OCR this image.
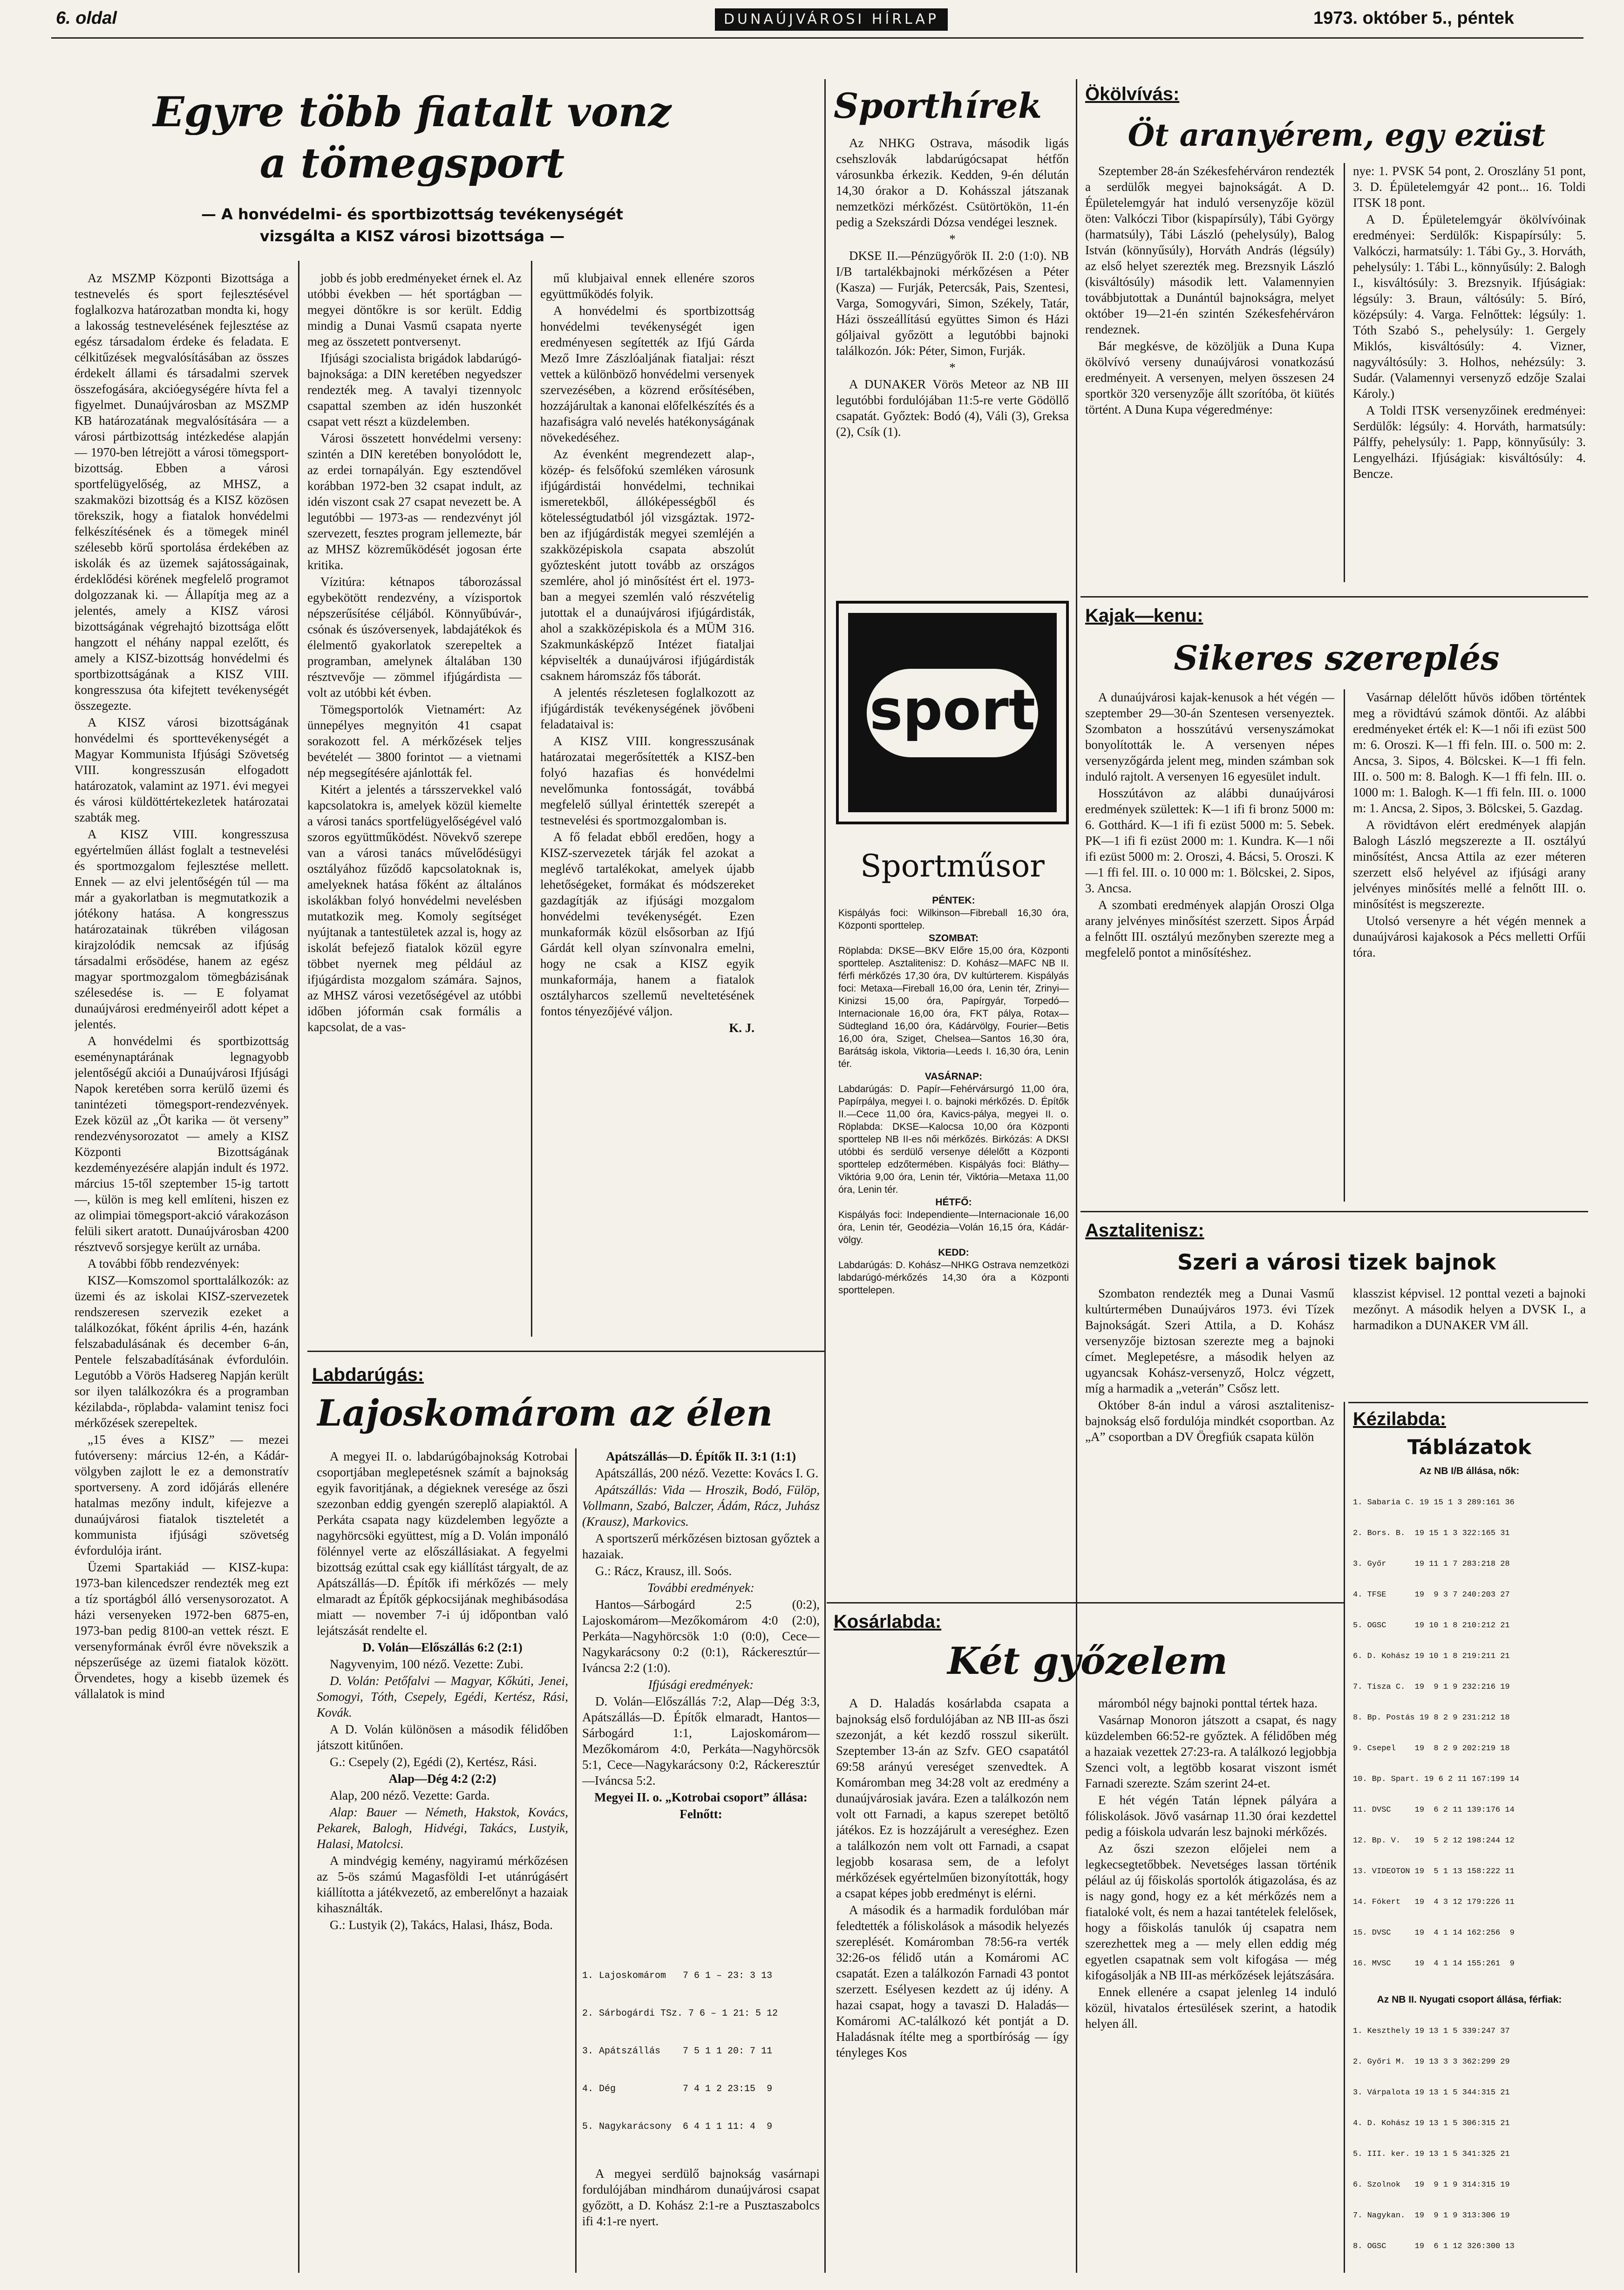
6. oldal	DUNAÚJVÁROSI HÍRLAP	1973. október 5., péntek
Egyre több fiatalt vonz
a tömegsport
— A honvédelmi- és sportbizottság tevékenységét
vizsgálta a KISZ városi bizottsága —

Az MSZMP Központi Bizottsága a testnevelés és sport fejlesztésével foglalkozva határozatban mondta ki, hogy a lakosság testnevelésének fejlesztése az egész társadalom érdeke és feladata. E célkitűzések megvalósításában az összes érdekelt állami és társadalmi szervek összefogására, akcióegységére hívta fel a figyelmet. Dunaújvárosban az MSZMP KB határozatának megvalósítására — a városi pártbizottság intézkedése alapján — 1970-ben létrejött a városi tömegsport-bizottság. Ebben a városi sportfelügyelőség, az MHSZ, a szakmaközi bizottság és a KISZ közösen törekszik, hogy a fiatalok honvédelmi felkészítésének és a tömegek minél szélesebb körű sportolása érdekében az iskolák és az üzemek sajátosságainak, érdeklődési körének megfelelő programot dolgozzanak ki. — Állapítja meg az a jelentés, amely a KISZ városi bizottságának végrehajtó bizottsága előtt hangzott el néhány nappal ezelőtt, és amely a KISZ-bizottság honvédelmi és sportbizottságának a KISZ VIII. kongresszusa óta kifejtett tevékenységét összegezte.

A KISZ városi bizottságának honvédelmi és sporttevékenységét a Magyar Kommunista Ifjúsági Szövetség VIII. kongresszusán elfogadott határozatok, valamint az 1971. évi megyei és városi küldöttértekezletek határozatai szabták meg.

A KISZ VIII. kongresszusa egyértelműen állást foglalt a testnevelési és sportmozgalom fejlesztése mellett. Ennek — az elvi jelentőségén túl — ma már a gyakorlatban is megmutatkozik a jótékony hatása. A kongresszus határozatainak tükrében világosan kirajzolódik nemcsak az ifjúság társadalmi erősödése, hanem az egész magyar sportmozgalom tömegbázisának szélesedése is. — E folyamat dunaújvárosi eredményeiről adott képet a jelentés.

A honvédelmi és sportbizottság eseménynaptárának legnagyobb jelentőségű akciói a Dunaújvárosi Ifjúsági Napok keretében sorra kerülő üzemi és tanintézeti tömegsport-rendezvények. Ezek közül az „Öt karika — öt verseny” rendezvénysorozatot — amely a KISZ Központi Bizottságának kezdeményezésére alapján indult és 1972. március 15-től szeptember 15-ig tartott —, külön is meg kell említeni, hiszen ez az olimpiai tömegsport-akció várakozáson felüli sikert aratott. Dunaújvárosban 4200 résztvevő sorsjegye került az urnába.

A további főbb rendezvények:

KISZ—Komszomol sporttalálkozók: az üzemi és az iskolai KISZ-szervezetek rendszeresen szervezik ezeket a találkozókat, főként április 4-én, hazánk felszabadulásának és december 6-án, Pentele felszabadításának évfordulóin. Legutóbb a Vörös Hadsereg Napján került sor ilyen találkozókra és a programban kézilabda-, röplabda- valamint tenisz foci mérkőzések szerepeltek.

„15 éves a KISZ” — mezei futóverseny: március 12-én, a Kádár-völgyben zajlott le ez a demonstratív sportverseny. A zord időjárás ellenére hatalmas mezőny indult, kifejezve a dunaújvárosi fiatalok tiszteletét a kommunista ifjúsági szövetség évfordulója iránt.

Üzemi Spartakiád — KISZ-kupa: 1973-ban kilencedszer rendezték meg ezt a tíz sportágból álló versenysorozatot. A házi versenyeken 1972-ben 6875-en, 1973-ban pedig 8100-an vettek részt. E versenyformának évről évre növekszik a népszerűsége az üzemi fiatalok között. Örvendetes, hogy a kisebb üzemek és vállalatok is mind

jobb és jobb eredményeket érnek el. Az utóbbi években — hét sportágban — megyei döntőkre is sor került. Eddig mindig a Dunai Vasmű csapata nyerte meg az összetett pontversenyt.

Ifjúsági szocialista brigádok labdarúgó-bajnoksága: a DIN keretében negyedszer rendezték meg. A tavalyi tizennyolc csapattal szemben az idén huszonkét csapat vett részt a küzdelemben.

Városi összetett honvédelmi verseny: szintén a DIN keretében bonyolódott le, az erdei tornapályán. Egy esztendővel korábban 1972-ben 32 csapat indult, az idén viszont csak 27 csapat nevezett be. A legutóbbi — 1973-as — rendezvényt jól szervezett, fesztes program jellemezte, bár az MHSZ közreműködését jogosan érte kritika.

Vízitúra: kétnapos táborozással egybekötött rendezvény, a vízisportok népszerűsítése céljából. Könnyűbúvár-, csónak és úszóversenyek, labdajátékok és élelmentő gyakorlatok szerepeltek a programban, amelynek általában 130 résztvevője — zömmel ifjúgárdista — volt az utóbbi két évben.

Tömegsportolók Vietnamért: Az ünnepélyes megnyitón 41 csapat sorakozott fel. A mérkőzések teljes bevételét — 3800 forintot — a vietnami nép megsegítésére ajánlották fel.

Kitért a jelentés a társszervekkel való kapcsolatokra is, amelyek közül kiemelte a városi tanács sportfelügyelőségével való szoros együttműködést. Növekvő szerepe van a városi tanács művelődésügyi osztályához fűződő kapcsolatoknak is, amelyeknek hatása főként az általános iskolákban folyó honvédelmi nevelésben mutatkozik meg. Komoly segítséget nyújtanak a tantestületek azzal is, hogy az iskolát befejező fiatalok közül egyre többet nyernek meg például az ifjúgárdista mozgalom számára. Sajnos, az MHSZ városi vezetőségével az utóbbi időben jóformán csak formális a kapcsolat, de a vas-

mű klubjaival ennek ellenére szoros együttműködés folyik.

A honvédelmi és sportbizottság honvédelmi tevékenységét igen eredményesen segítették az Ifjú Gárda Mező Imre Zászlóaljának fiataljai: részt vettek a különböző honvédelmi versenyek szervezésében, a közrend erősítésében, hozzájárultak a kanonai előfelkészítés és a hazafiságra való nevelés hatékonyságának növekedéséhez.

Az évenként megrendezett alap-, közép- és felsőfokú szemléken városunk ifjúgárdistái honvédelmi, technikai ismeretekből, állóképességből és kötelességtudatból jól vizsgáztak. 1972-ben az ifjúgárdisták megyei szemléjén a szakközépiskola csapata abszolút győztesként jutott tovább az országos szemlére, ahol jó minősítést ért el. 1973-ban a megyei szemlén való részvételig jutottak el a dunaújvárosi ifjúgárdisták, ahol a szakközépiskola és a MÜM 316. Szakmunkásképző Intézet fiataljai képviselték a dunaújvárosi ifjúgárdisták csaknem háromszáz fős táborát.

A jelentés részletesen foglalkozott az ifjúgárdisták tevékenységének jövőbeni feladataival is:

A KISZ VIII. kongresszusának határozatai megerősítették a KISZ-ben folyó hazafias és honvédelmi nevelőmunka fontosságát, továbbá megfelelő súllyal érintették szerepét a testnevelési és sportmozgalomban is.

A fő feladat ebből eredően, hogy a KISZ-szervezetek tárják fel azokat a meglévő tartalékokat, amelyek újabb lehetőségeket, formákat és módszereket gazdagítják az ifjúsági mozgalom honvédelmi tevékenységét. Ezen munkaformák közül elsősorban az Ifjú Gárdát kell olyan színvonalra emelni, hogy ne csak a KISZ egyik munkaformája, hanem a fiatalok osztályharcos szellemű neveltetésének fontos tényezőjévé váljon.

K. J.

Labdarúgás:
Lajoskomárom az élen

A megyei II. o. labdarúgóbajnokság Kotrobai csoportjában meglepetésnek számít a bajnokság egyik favoritjának, a dégieknek veresége az őszi szezonban eddig gyengén szereplő alapiaktól. A Perkáta csapata nagy küzdelemben legyőzte a nagyhörcsöki együttest, míg a D. Volán imponáló fölénnyel verte az előszállásiakat. A fegyelmi bizottság ezúttal csak egy kiállítást tárgyalt, de az Apátszállás—D. Építők ifi mérkőzés — mely elmaradt az Építők gépkocsijának meghibásodása miatt — november 7-i új időpontban való lejátszását rendelte el.

D. Volán—Előszállás 6:2 (2:1)

Nagyvenyim, 100 néző. Vezette: Zubi.

D. Volán: Petőfalvi — Magyar, Kőkúti, Jenei, Somogyi, Tóth, Csepely, Egédi, Kertész, Rási, Kovák.

A D. Volán különösen a második félidőben játszott kitűnően.

G.: Csepely (2), Egédi (2), Kertész, Rási.

Alap—Dég 4:2 (2:2)

Alap, 200 néző. Vezette: Garda.

Alap: Bauer — Németh, Hakstok, Kovács, Pekarek, Balogh, Hidvégi, Takács, Lustyik, Halasi, Matolcsi.

A mindvégig kemény, nagyiramú mérkőzésen az 5-ös számú Magasföldi I-et utánrúgásért kiállította a játékvezető, az emberelőnyt a hazaiak kihasználták.

G.: Lustyik (2), Takács, Halasi, Ihász, Boda.

Apátszállás—D. Építők II. 3:1 (1:1)

Apátszállás, 200 néző. Vezette: Kovács I. G.

Apátszállás: Vida — Hroszik, Bodó, Fülöp, Vollmann, Szabó, Balczer, Ádám, Rácz, Juhász (Krausz), Markovics.

A sportszerű mérkőzésen biztosan győztek a hazaiak.

G.: Rácz, Krausz, ill. Soós.

További eredmények:

Hantos—Sárbogárd 2:5 (0:2), Lajoskomárom—Mezőkomárom 4:0 (2:0), Perkáta—Nagyhörcsök 1:0 (0:0), Cece—Nagykarácsony 0:2 (0:1), Ráckeresztúr—Iváncsa 2:2 (1:0).

Ifjúsági eredmények:

D. Volán—Előszállás 7:2, Alap—Dég 3:3, Apátszállás—D. Építők elmaradt, Hantos—Sárbogárd 1:1, Lajoskomárom—Mezőkomárom 4:0, Perkáta—Nagyhörcsök 5:1, Cece—Nagykarácsony 0:2, Ráckeresztúr—Iváncsa 5:2.

Megyei II. o. „Kotrobai csoport” állása:

Felnőtt:

1. Lajoskomárom   7 6 1 – 23: 3 13

2. Sárbogárdi TSz. 7 6 – 1 21: 5 12

3. Apátszállás    7 5 1 1 20: 7 11

4. Dég            7 4 1 2 23:15  9

5. Nagykarácsony  6 4 1 1 11: 4  9

A megyei serdülő bajnokság vasárnapi fordulójában mindhárom dunaújvárosi csapat győzött, a D. Kohász 2:1-re a Pusztaszabolcs ifi 4:1-re nyert.

Sporthírek

Az NHKG Ostrava, második ligás csehszlovák labdarúgócsapat hétfőn városunkba érkezik. Kedden, 9-én délután 14,30 órakor a D. Kohásszal játszanak nemzetközi mérkőzést. Csütörtökön, 11-én pedig a Szekszárdi Dózsa vendégei lesznek.

*

DKSE II.—Pénzügyőrök II. 2:0 (1:0). NB I/B tartalékbajnoki mérkőzésen a Péter (Kasza) — Furják, Petercsák, Pais, Szentesi, Varga, Somogyvári, Simon, Székely, Tatár, Házi összeállítású együttes Simon és Házi góljaival győzött a legutóbbi bajnoki találkozón. Jók: Péter, Simon, Furják.

*

A DUNAKER Vörös Meteor az NB III legutóbbi fordulójában 11:5-re verte Gödöllő csapatát. Győztek: Bodó (4), Váli (3), Greksa (2), Csík (1).

sport
Sportműsor
PÉNTEK:
Kispályás foci: Wilkinson—Fibreball 16,30 óra, Központi sporttelep.
SZOMBAT:
Röplabda: DKSE—BKV Előre 15,00 óra, Központi sporttelep. Asztalitenisz: D. Kohász—MAFC NB II. férfi mérkőzés 17,30 óra, DV kultúrterem. Kispályás foci: Metaxa—Fireball 16,00 óra, Lenin tér, Zrinyi—Kinizsi 15,00 óra, Papírgyár, Torpedó—Internacionale 16,00 óra, FKT pálya, Rotax—Südtegland 16,00 óra, Kádárvölgy, Fourier—Betis 16,00 óra, Sziget, Chelsea—Santos 16,30 óra, Barátság iskola, Viktoria—Leeds I. 16,30 óra, Lenin tér.
VASÁRNAP:
Labdarúgás: D. Papír—Fehérvársurgó 11,00 óra, Papírpálya, megyei I. o. bajnoki mérkőzés. D. Építők II.—Cece 11,00 óra, Kavics-pálya, megyei II. o. Röplabda: DKSE—Kalocsa 10,00 óra Központi sporttelep NB II-es női mérkőzés. Birkózás: A DKSI utóbbi és serdülő versenye délelőtt a Központi sporttelep edzőtermében. Kispályás foci: Bláthy—Viktória 9,00 óra, Lenin tér, Viktória—Metaxa 11,00 óra, Lenin tér.
HÉTFŐ:
Kispályás foci: Independiente—Internacionale 16,00 óra, Lenin tér, Geodézia—Volán 16,15 óra, Kádár-völgy.
KEDD:
Labdarúgás: D. Kohász—NHKG Ostrava nemzetközi labdarúgó-mérkőzés 14,30 óra a Központi sporttelepen.
Kosárlabda:
Két győzelem

A D. Haladás kosárlabda csapata a bajnokság első fordulójában az NB III-as őszi szezonját, a két kezdő rosszul sikerült. Szeptember 13-án az Szfv. GEO csapatától 69:58 arányú vereséget szenvedtek. A Komáromban meg 34:28 volt az eredmény a dunaújvárosiak javára. Ezen a találkozón nem volt ott Farnadi, a kapus szerepet betöltő játékos. Ez is hozzájárult a vereséghez. Ezen a találkozón nem volt ott Farnadi, a csapat legjobb kosarasa sem, de a lefolyt mérkőzések egyértelműen bizonyították, hogy a csapat képes jobb eredményt is elérni.

A második és a harmadik fordulóban már feledtették a fóliskolások a második helyezés szereplését. Komáromban 78:56-ra verték 32:26-os félidő után a Komáromi AC csapatát. Ezen a találkozón Farnadi 43 pontot szerzett. Esélyesen kezdett az új idény. A hazai csapat, hogy a tavaszi D. Haladás—Komáromi AC-találkozó két pontját a D. Haladásnak ítélte meg a sportbíróság — így tényleges Kos

máromból négy bajnoki ponttal tértek haza.

Vasárnap Monoron játszott a csapat, és nagy küzdelemben 66:52-re győztek. A félidőben még a hazaiak vezettek 27:23-ra. A találkozó legjobbja Szenci volt, a legtöbb kosarat viszont ismét Farnadi szerezte. Szám szerint 24-et.

E hét végén Tatán lépnek pályára a fóliskolások. Jövő vasárnap 11.30 órai kezdettel pedig a fóiskola udvarán lesz bajnoki mérkőzés.

Az őszi szezon előjelei nem a legkecsegtetőbbek. Nevetséges lassan történik pélául az új főiskolás sportolók átigazolása, és az is nagy gond, hogy ez a két mérkőzés nem a fiataloké volt, és nem a hazai tantételek felelősek, hogy a főiskolás tanulók új csapatra nem szerezhettek meg a — mely ellen eddig még egyetlen csapatnak sem volt kifogása — még kifogásolják a NB III-as mérkőzések lejátszására.

Ennek ellenére a csapat jelenleg 14 induló közül, hivatalos értesülések szerint, a hatodik helyen áll.

Ökölvívás:
Öt aranyérem, egy ezüst

Szeptember 28-án Székesfehérváron rendezték a serdülők megyei bajnokságát. A D. Épületelemgyár hat induló versenyzője közül öten: Valkóczi Tibor (kispapírsúly), Tábi György (harmatsúly), Tábi László (pehelysúly), Balog István (könnyűsúly), Horváth András (légsúly) az első helyet szerezték meg. Brezsnyik László (kisváltósúly) második lett. Valamennyien továbbjutottak a Dunántúl bajnokságra, melyet október 19—21-én szintén Székesfehérváron rendeznek.

Bár megkésve, de közöljük a Duna Kupa ökölvívó verseny dunaújvárosi vonatkozású eredményeit. A versenyen, melyen összesen 24 sportkör 320 versenyzője állt szorítóba, öt kiütés történt. A Duna Kupa végeredménye:

nye: 1. PVSK 54 pont, 2. Oroszlány 51 pont, 3. D. Épületelemgyár 42 pont... 16. Toldi ITSK 18 pont.

A D. Épületelemgyár ökölvívóinak eredményei: Serdülők: Kispapírsúly: 5. Valkóczi, harmatsúly: 1. Tábi Gy., 3. Horváth, pehelysúly: 1. Tábi L., könnyűsúly: 2. Balogh I., kisváltósúly: 3. Brezsnyik. Ifjúságiak: légsúly: 3. Braun, váltósúly: 5. Bíró, középsúly: 4. Varga. Felnőttek: légsúly: 1. Tóth Szabó S., pehelysúly: 1. Gergely Miklós, kisváltósúly: 4. Vizner, nagyváltósúly: 3. Holhos, nehézsúly: 3. Sudár. (Valamennyi versenyző edzője Szalai Károly.)

A Toldi ITSK versenyzőinek eredményei: Serdülők: légsúly: 4. Horváth, harmatsúly: Pálffy, pehelysúly: 1. Papp, könnyűsúly: 3. Lengyelházi. Ifjúságiak: kisváltósúly: 4. Bencze.

Kajak—kenu:
Sikeres szereplés

A dunaújvárosi kajak-kenusok a hét végén — szeptember 29—30-án Szentesen versenyeztek. Szombaton a hosszútávú versenyszámokat bonyolították le. A versenyen népes versenyzőgárda jelent meg, minden számban sok induló rajtolt. A versenyen 16 egyesület indult.

Hosszútávon az alábbi dunaújvárosi eredmények születtek: K—1 ifi fi bronz 5000 m: 6. Gotthárd. K—1 ifi fi ezüst 5000 m: 5. Sebek. PK—1 ifi fi ezüst 2000 m: 1. Kundra. K—1 női ifi ezüst 5000 m: 2. Oroszi, 4. Bácsi, 5. Oroszi. K—1 ffi fel. III. o. 10 000 m: 1. Bölcskei, 2. Sipos, 3. Ancsa.

A szombati eredmények alapján Oroszi Olga arany jelvényes minősítést szerzett. Sipos Árpád a felnőtt III. osztályú mezőnyben szerezte meg a megfelelő pontot a minősítéshez.

Vasárnap délelőtt hűvös időben történtek meg a rövidtávú számok döntői. Az alábbi eredményeket érték el: K—1 női ifi ezüst 500 m: 6. Oroszi. K—1 ffi feln. III. o. 500 m: 2. Ancsa, 3. Sipos, 4. Bölcskei. K—1 ffi feln. III. o. 500 m: 8. Balogh. K—1 ffi feln. III. o. 1000 m: 1. Balogh. K—1 ffi feln. III. o. 1000 m: 1. Ancsa, 2. Sipos, 3. Bölcskei, 5. Gazdag.

A rövidtávon elért eredmények alapján Balogh László megszerezte a II. osztályú minősítést, Ancsa Attila az ezer méteren szerzett első helyével az ifjúsági arany jelvényes minősítés mellé a felnőtt III. o. minősítést is megszerezte.

Utolsó versenyre a hét végén mennek a dunaújvárosi kajakosok a Pécs melletti Orfűi tóra.

Asztalitenisz:
Szeri a városi tizek bajnok

Szombaton rendezték meg a Dunai Vasmű kultúrtermében Dunaújváros 1973. évi Tízek Bajnokságát. Szeri Attila, a D. Kohász versenyzője biztosan szerezte meg a bajnoki címet. Meglepetésre, a második helyen az ugyancsak Kohász-versenyző, Holcz végzett, míg a harmadik a „veterán” Csősz lett.

Október 8-án indul a városi asztalitenisz-bajnokság első fordulója mindkét csoportban. Az „A” csoportban a DV Öregfiúk csapata külön

klasszist képvisel. 12 ponttal vezeti a bajnoki mezőnyt. A második helyen a DVSK I., a harmadikon a DUNAKER VM áll.

Kézilabda:
Táblázatok
Az NB I/B állása, nők:

1. Sabaria C. 19 15 1 3 289:161 36

2. Bors. B.  19 15 1 3 322:165 31

3. Győr      19 11 1 7 283:218 28

4. TFSE      19  9 3 7 240:203 27

5. OGSC      19 10 1 8 210:212 21

6. D. Kohász 19 10 1 8 219:211 21

7. Tisza C.  19  9 1 9 232:216 19

8. Bp. Postás 19 8 2 9 231:212 18

9. Csepel    19  8 2 9 202:219 18

10. Bp. Spart. 19 6 2 11 167:199 14

11. DVSC     19  6 2 11 139:176 14

12. Bp. V.   19  5 2 12 198:244 12

13. VIDEOTON 19  5 1 13 158:222 11

14. Fókert   19  4 3 12 179:226 11

15. DVSC     19  4 1 14 162:256  9

16. MVSC     19  4 1 14 155:261  9

Az NB II. Nyugati csoport állása, férfiak:

1. Keszthely 19 13 1 5 339:247 37

2. Győri M.  19 13 3 3 362:299 29

3. Várpalota 19 13 1 5 344:315 21

4. D. Kohász 19 13 1 5 306:315 21

5. III. ker. 19 13 1 5 341:325 21

6. Szolnok   19  9 1 9 314:315 19

7. Nagykan.  19  9 1 9 313:306 19

8. OGSC      19  6 1 12 326:300 13
